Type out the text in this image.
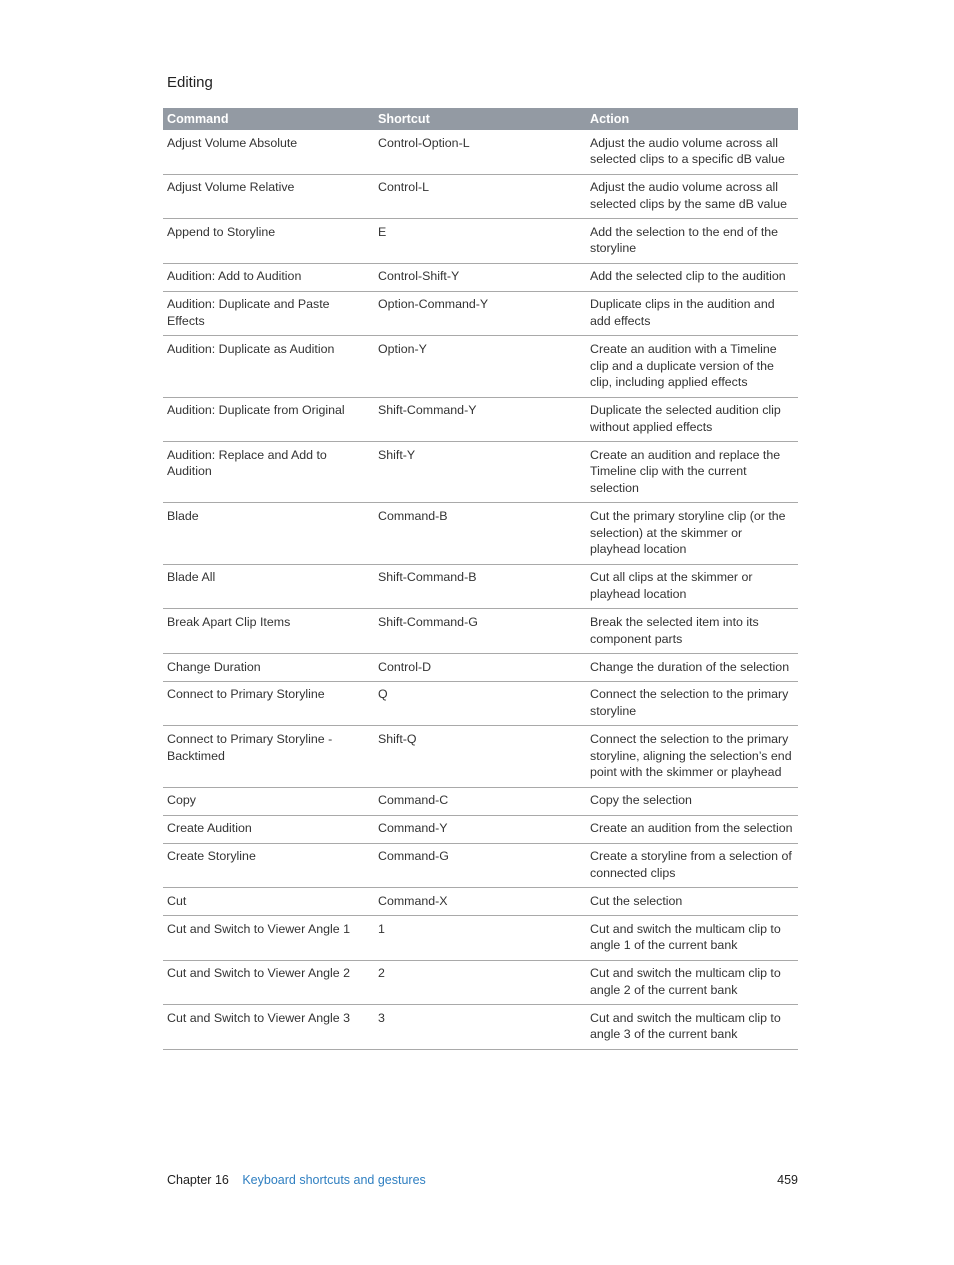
Editing
Command	Shortcut	Action
Adjust Volume Absolute	Control-Option-L	Adjust the audio volume across all selected clips to a specific dB value
Adjust Volume Relative	Control-L	Adjust the audio volume across all selected clips by the same dB value
Append to Storyline	E	Add the selection to the end of the storyline
Audition: Add to Audition	Control-Shift-Y	Add the selected clip to the audition
Audition: Duplicate and Paste Effects	Option-Command-Y	Duplicate clips in the audition and add effects
Audition: Duplicate as Audition	Option-Y	Create an audition with a Timeline clip and a duplicate version of the clip, including applied effects
Audition: Duplicate from Original	Shift-Command-Y	Duplicate the selected audition clip without applied effects
Audition: Replace and Add to Audition	Shift-Y	Create an audition and replace the Timeline clip with the current selection
Blade	Command-B	Cut the primary storyline clip (or the selection) at the skimmer or playhead location
Blade All	Shift-Command-B	Cut all clips at the skimmer or playhead location
Break Apart Clip Items	Shift-Command-G	Break the selected item into its component parts
Change Duration	Control-D	Change the duration of the selection
Connect to Primary Storyline	Q	Connect the selection to the primary storyline
Connect to Primary Storyline - Backtimed	Shift-Q	Connect the selection to the primary storyline, aligning the selection’s end point with the skimmer or playhead
Copy	Command-C	Copy the selection
Create Audition	Command-Y	Create an audition from the selection
Create Storyline	Command-G	Create a storyline from a selection of connected clips
Cut	Command-X	Cut the selection
Cut and Switch to Viewer Angle 1	1	Cut and switch the multicam clip to angle 1 of the current bank
Cut and Switch to Viewer Angle 2	2	Cut and switch the multicam clip to angle 2 of the current bank
Cut and Switch to Viewer Angle 3	3	Cut and switch the multicam clip to angle 3 of the current bank
Chapter 16 Keyboard shortcuts and gestures	459
